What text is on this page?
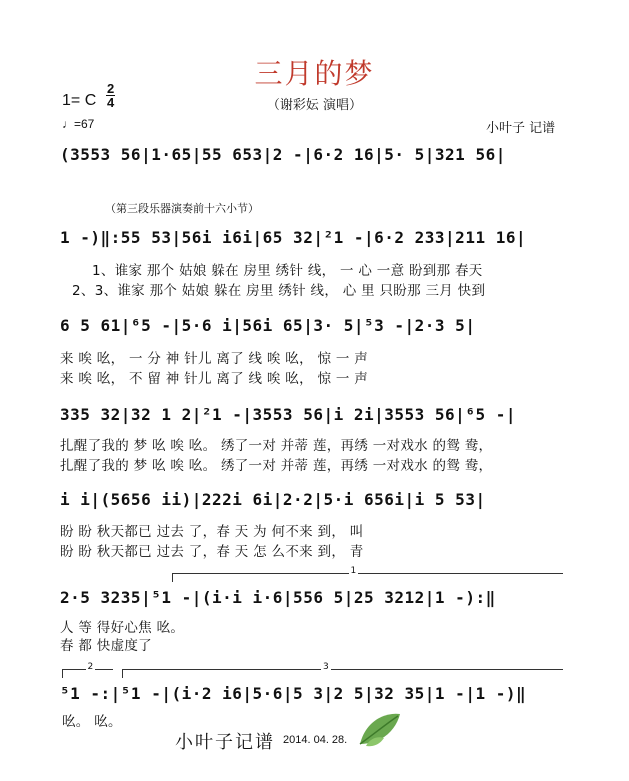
三月的梦
（谢彩妘 演唱）
1= C
2
4
♩=67	小叶子 记谱
(3553 56|1·65|55 653|2 -|6·2 16|5· 5|321 56|
（第三段乐器演奏前十六小节）
1 -)‖:55 53|56i i6i|65 32|²1 -|6·2 233|211 16|
1、谁家 那个 姑娘 躲在 房里 绣针 线， 一 心 一意 盼到那 春天
2、3、谁家 那个 姑娘 躲在 房里 绣针 线， 心 里 只盼那 三月 快到
6 5 61|⁶5 -|5·6 i|56i 65|3· 5|⁵3 -|2·3 5|
来 唉 吆， 一 分 神 针儿 离了 线 唉 吆， 惊 一 声
来 唉 吆， 不 留 神 针儿 离了 线 唉 吆， 惊 一 声
335 32|32 1 2|²1 -|3553 56|i 2i|3553 56|⁶5 -|
扎醒了我的 梦 吆 唉 吆。 绣了一对 并蒂 莲，再绣 一对戏水 的鸳 鸯，
扎醒了我的 梦 吆 唉 吆。 绣了一对 并蒂 莲，再绣 一对戏水 的鸳 鸯，
i i|(5656 ii)|222i 6i|2·2|5·i 656i|i 5 53|
盼 盼 秋天都已 过去 了，春 天 为 何不来 到， 叫
盼 盼 秋天都已 过去 了，春 天 怎 么不来 到， 青
1
2·5 3235|⁵1 -|(i·i i·6|556 5|25 3212|1 -):‖
人 等 得好心焦 吆。
春 都 快虚度了
2	3
⁵1 -:|⁵1 -|(i·2 i6|5·6|5 3|2 5|32 35|1 -|1 -)‖
吆。 吆。
小叶子记谱 2014. 04. 28.
